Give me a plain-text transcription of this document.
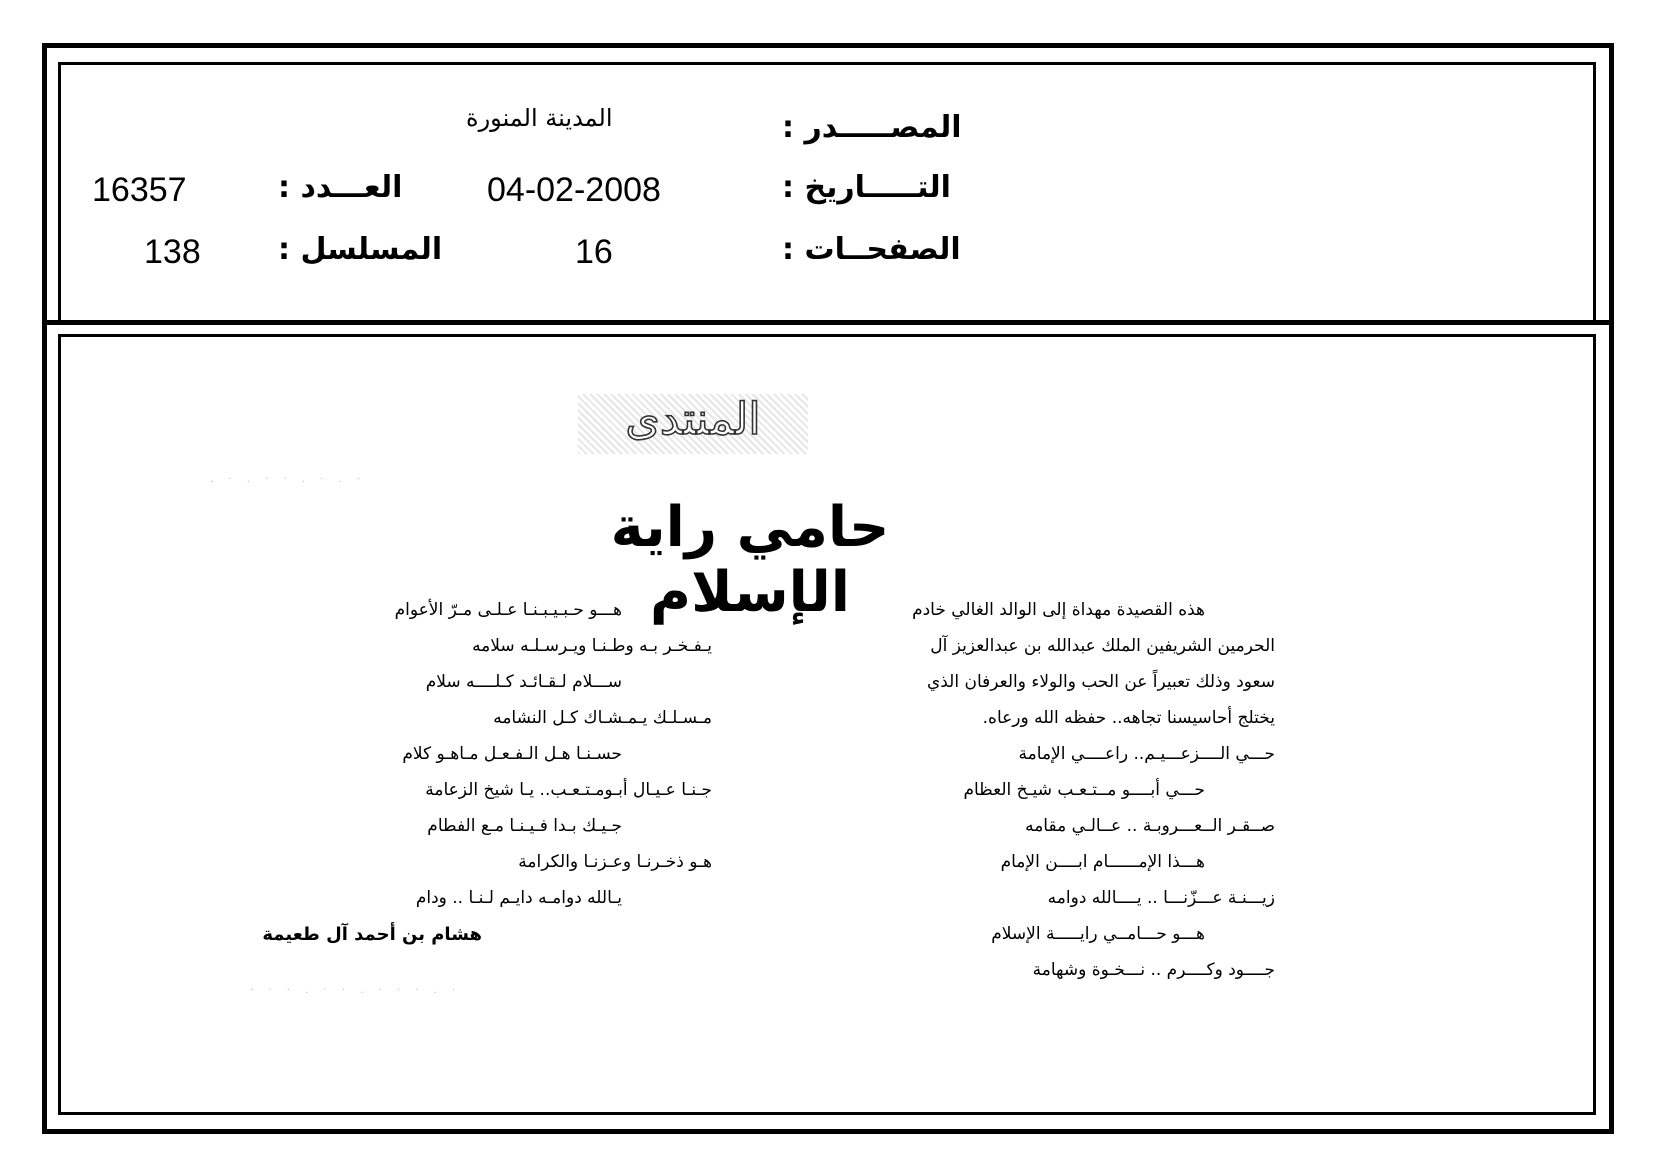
المصـــــدر :
المدينة المنورة
التـــــاريخ :
04-02-2008
العـــدد :
16357
الصفحــات :
16
المسلسل :
138
المنتدى
حامي راية الإسلام	هذه القصيدة مهداة إلى الوالد الغالي خادم
الحرمين الشريفين الملك عبدالله بن عبدالعزيز آل
سعود وذلك تعبيراً عن الحب والولاء والعرفان الذي
يختلج أحاسيسنا تجاهه.. حفظه الله ورعاه.
حـــي الــــزعـــيـم.. راعــــي الإمامة
حـــي أبــــو مــتـعـب شيـخ العظام
صــقـر الــعـــروبـة .. عــالـي مقامه
هـــذا الإمــــــام ابــــن الإمام
زيـــنـة عـــزّنـــا .. يــــالله دوامه
هـــو حـــامــي رايـــــة الإسلام
جــــود وكــــرم .. نـــخـوة وشهامة
هـــو حـبـيـبـنـا عـلـى مـرّ الأعوام
يـفـخـر بـه وطـنـا ويـرسـلـه سلامه
ســـلام لـقـائـد كـلــــه سلام
مـسـلـك يـمـشـاك كـل النشامه
حسـنـا هـل الـفـعـل مـاهـو كلام
جـنـا عـيـال أبـومـتـعـب.. يـا شيخ الزعامة
جـيـك بـدا فـيـنـا مـع الفطام
هـو ذخـرنـا وعـزنـا والكرامة
يـالله دوامـه دايـم لـنـا .. ودام
هشام بن أحمد آل طعيمة
· · · . · · . · · · . ·
. · . · · . · . ·
